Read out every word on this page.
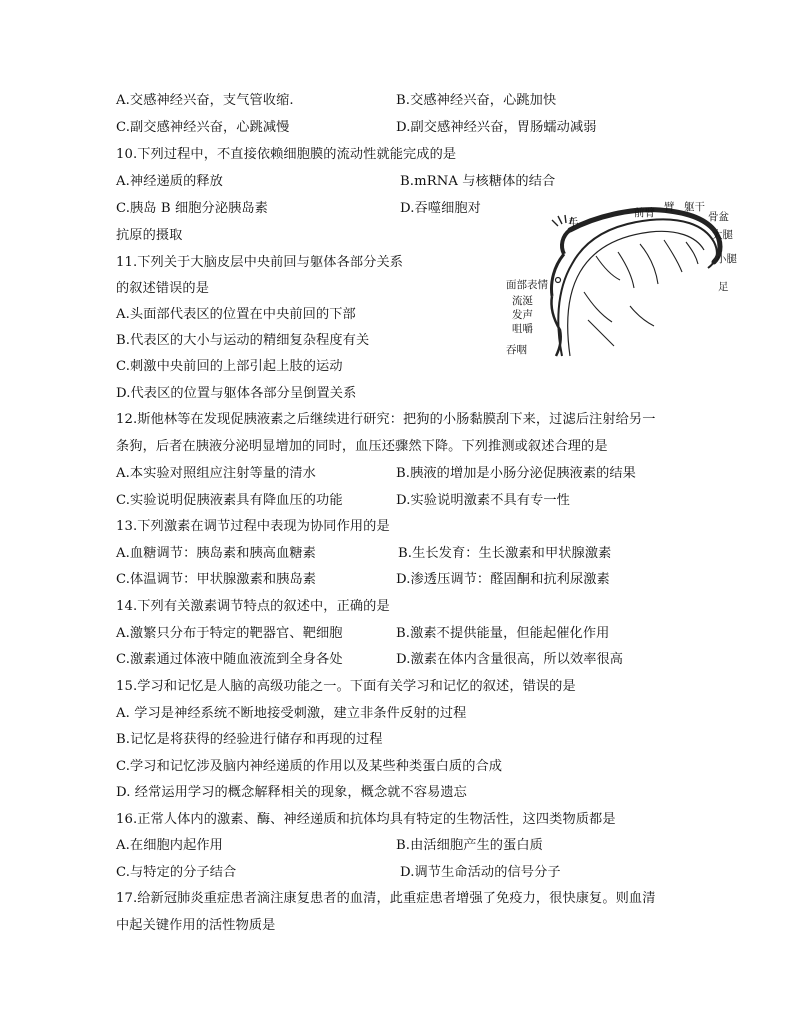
A.交感神经兴奋，支气管收缩.	B.交感神经兴奋，心跳加快
C.副交感神经兴奋，心跳减慢	D.副交感神经兴奋，胃肠蠕动减弱
10.下列过程中，不直接依赖细胞膜的流动性就能完成的是
A.神经递质的释放	B.mRNA 与核糖体的结合
C.胰岛 B 细胞分泌胰岛素	D.吞噬细胞对
抗原的摄取
11.下列关于大脑皮层中央前回与躯体各部分关系
的叙述错误的是
A.头面部代表区的位置在中央前回的下部
B.代表区的大小与运动的精细复杂程度有关
C.刺激中央前回的上部引起上肢的运动
D.代表区的位置与躯体各部分呈倒置关系
手
前臂 臂 躯干
骨盆
大腿
小腿
足
面部表情
流涎
发声
咀嚼
吞咽
12.斯他林等在发现促胰液素之后继续进行研究：把狗的小肠黏膜刮下来，过滤后注射给另一
条狗，后者在胰液分泌明显增加的同时，血压还骤然下降。下列推测或叙述合理的是
A.本实验对照组应注射等量的清水	B.胰液的增加是小肠分泌促胰液素的结果
C.实验说明促胰液素具有降血压的功能	D.实验说明激素不具有专一性
13.下列激素在调节过程中表现为协同作用的是
A.血糖调节：胰岛素和胰高血糖素	B.生长发育：生长激素和甲状腺激素
C.体温调节：甲状腺激素和胰岛素	D.渗透压调节：醛固酮和抗利尿激素
14.下列有关激素调节特点的叙述中，正确的是
A.激繁只分布于特定的靶器官、靶细胞	B.激素不提供能量，但能起催化作用
C.激素通过体液中随血液流到全身各处	D.激素在体内含量很高，所以效率很高
15.学习和记忆是人脑的高级功能之一。下面有关学习和记忆的叙述，错误的是
A. 学习是神经系统不断地接受刺激，建立非条件反射的过程
B.记忆是将获得的经验进行储存和再现的过程
C.学习和记忆涉及脑内神经递质的作用以及某些种类蛋白质的合成
D. 经常运用学习的概念解释相关的现象，概念就不容易遗忘
16.正常人体内的激素、酶、神经递质和抗体均具有特定的生物活性，这四类物质都是
A.在细胞内起作用	B.由活细胞产生的蛋白质
C.与特定的分子结合	D.调节生命活动的信号分子
17.给新冠肺炎重症患者滴注康复患者的血清，此重症患者增强了免疫力，很快康复。则血清
中起关键作用的活性物质是
